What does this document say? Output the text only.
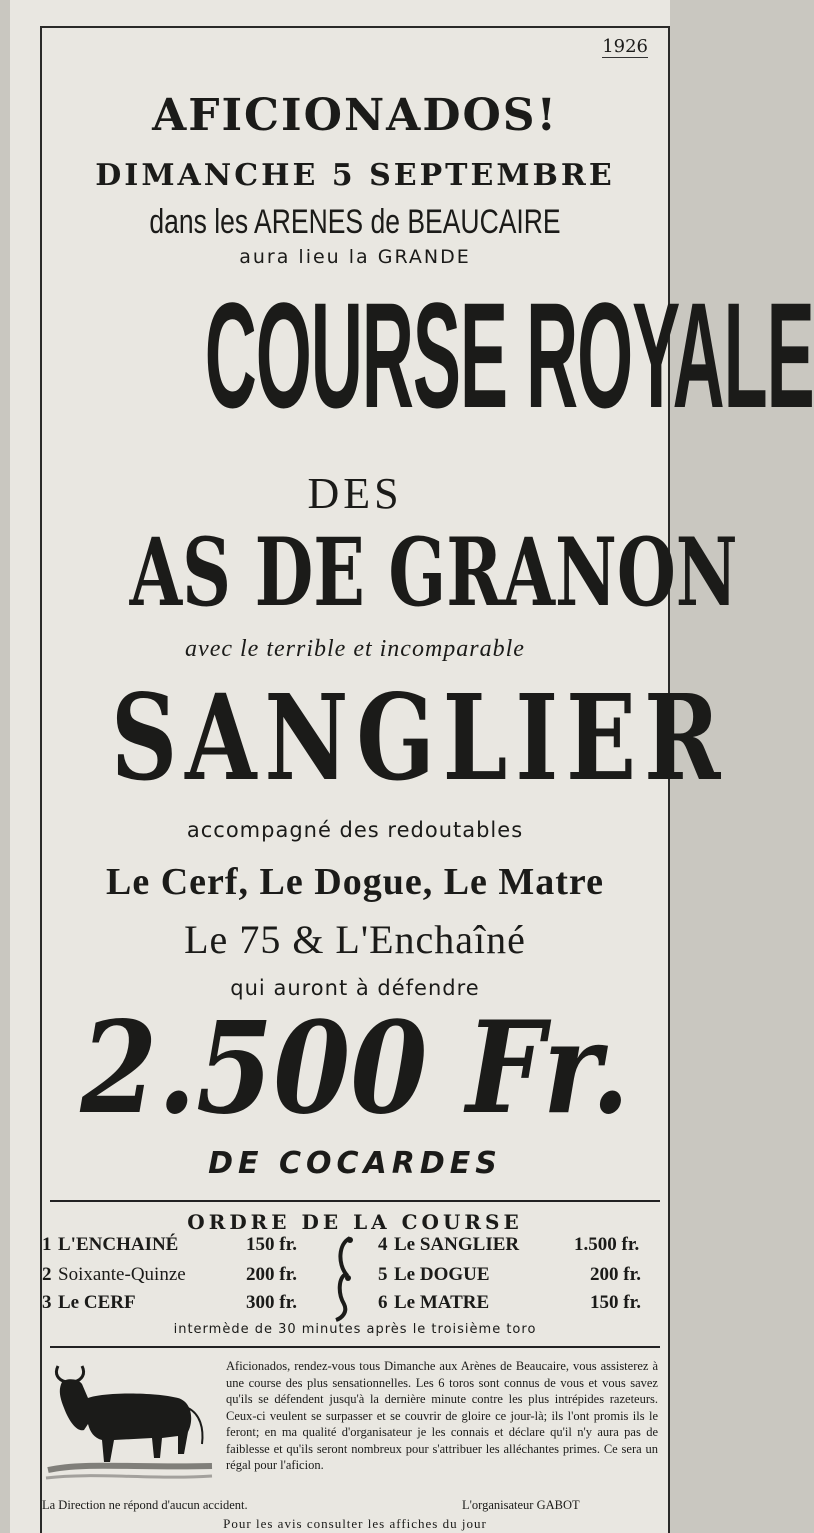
1926
AFICIONADOS!
DIMANCHE 5 SEPTEMBRE
dans les ARENES de BEAUCAIRE
aura lieu la GRANDE
COURSE ROYALE
DES
AS DE GRANON
avec le terrible et incomparable
SANGLIER
accompagné des redoutables
Le Cerf, Le Dogue, Le Matre
Le 75 & L'Enchaîné
qui auront à défendre
2.500 Fr.
DE COCARDES
ORDRE DE LA COURSE
1 L'ENCHAINÉ	150 fr.	4 Le SANGLIER	1.500 fr.
2 Soixante-Quinze	200 fr.	5 Le DOGUE	200 fr.
3 Le CERF	300 fr.	6 Le MATRE	150 fr.
intermède de 30 minutes après le troisième toro
Aficionados, rendez-vous tous Dimanche aux Arènes de Beaucaire, vous assisterez à une course des plus sensationnelles. Les 6 toros sont connus de vous et vous savez qu'ils se défendent jusqu'à la dernière minute contre les plus intrépides razeteurs. Ceux-ci veulent se surpasser et se couvrir de gloire ce jour-là; ils l'ont promis ils le feront; en ma qualité d'organisateur je les connais et déclare qu'il n'y aura pas de faiblesse et qu'ils seront nombreux pour s'attribuer les alléchantes primes. Ce sera un régal pour l'aficion.
La Direction ne répond d'aucun accident.	L'organisateur GABOT
Pour les avis consulter les affiches du jour
